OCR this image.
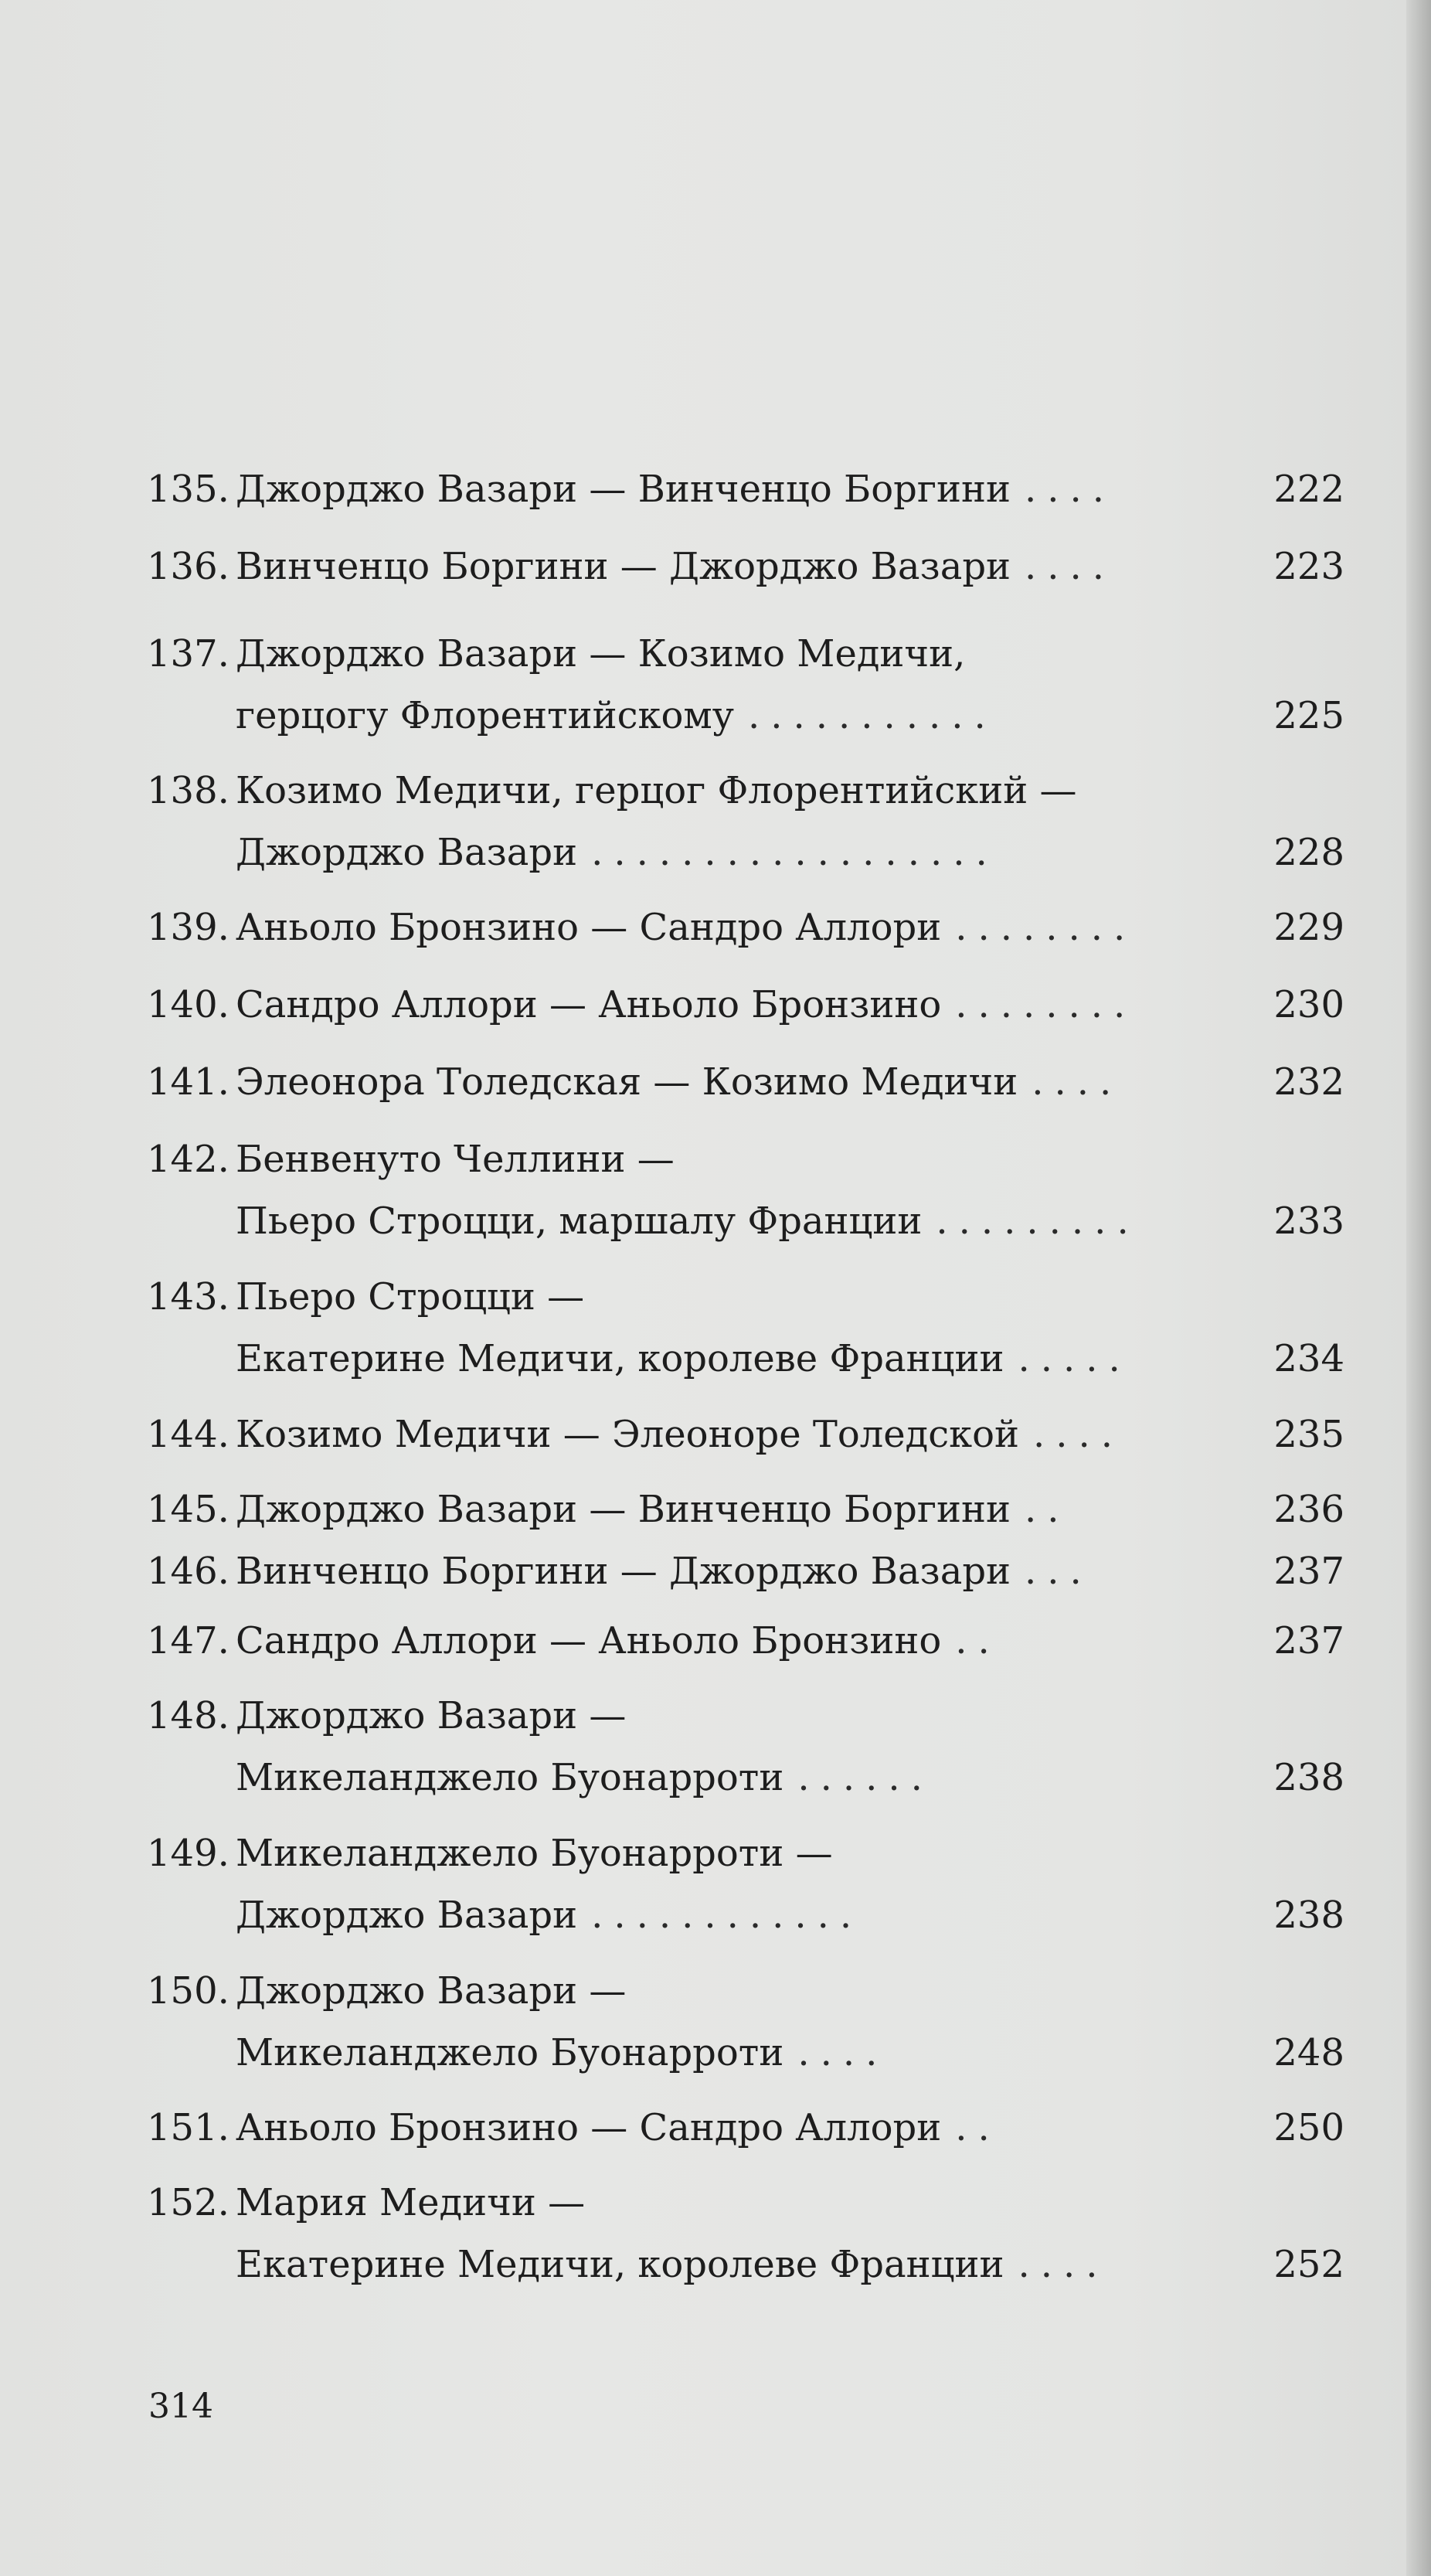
135. Джорджо Вазари — Винченцо Боргини ....	222
136. Винченцо Боргини — Джорджо Вазари ....	223
137. Джорджо Вазари — Козимо Медичи,
герцогу Флорентийскому ...........	225
138. Козимо Медичи, герцог Флорентийский —
Джорджо Вазари ..................	228
139. Аньоло Бронзино — Сандро Аллори ........	229
140. Сандро Аллори — Аньоло Бронзино ........	230
141. Элеонора Толедская — Козимо Медичи ....	232
142. Бенвенуто Челлини —
Пьеро Строцци, маршалу Франции .........	233
143. Пьеро Строцци —
Екатерине Медичи, королеве Франции .....	234
144. Козимо Медичи — Элеоноре Толедской ....	235
145. Джорджо Вазари — Винченцо Боргини ..	236
146. Винченцо Боргини — Джорджо Вазари ...	237
147. Сандро Аллори — Аньоло Бронзино ..	237
148. Джорджо Вазари —
Микеланджело Буонарроти ......	238
149. Микеланджело Буонарроти —
Джорджо Вазари ............	238
150. Джорджо Вазари —
Микеланджело Буонарроти ....	248
151. Аньоло Бронзино — Сандро Аллори ..	250
152. Мария Медичи —
Екатерине Медичи, королеве Франции ....	252
314
